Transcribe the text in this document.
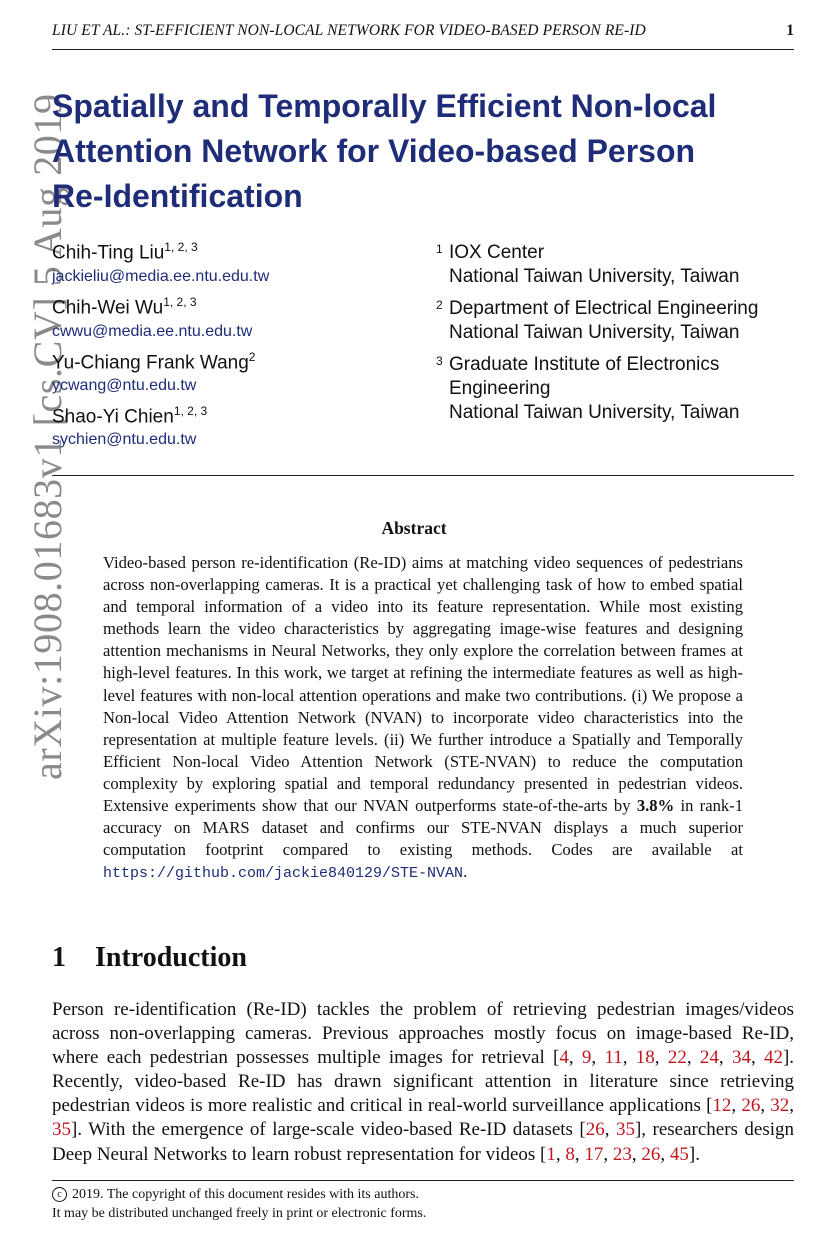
LIU ET AL.: ST-EFFICIENT NON-LOCAL NETWORK FOR VIDEO-BASED PERSON RE-ID	1
arXiv:1908.01683v1 [cs.CV] 5 Aug 2019
Spatially and Temporally Efficient Non-local
Attention Network for Video-based Person
Re-Identification
Chih-Ting Liu$^{1, 2, 3}$
jackieliu@media.ee.ntu.edu.tw
Chih-Wei Wu$^{1, 2, 3}$
cwwu@media.ee.ntu.edu.tw
Yu-Chiang Frank Wang$^2$
ycwang@ntu.edu.tw
Shao-Yi Chien$^{1, 2, 3}$
sychien@ntu.edu.tw
1 IOX Center
National Taiwan University, Taiwan
2 Department of Electrical Engineering
National Taiwan University, Taiwan
3 Graduate Institute of Electronics
Engineering
National Taiwan University, Taiwan
Abstract

Video-based person re-identification (Re-ID) aims at matching video sequences of pedestrians across non-overlapping cameras. It is a practical yet challenging task of how to embed spatial and temporal information of a video into its feature representation. While most existing methods learn the video characteristics by aggregating image-wise features and designing attention mechanisms in Neural Networks, they only explore the correlation between frames at high-level features. In this work, we target at refining the intermediate features as well as high-level features with non-local attention operations and make two contributions. (i) We propose a Non-local Video Attention Network (NVAN) to incorporate video characteristics into the representation at multiple feature levels. (ii) We further introduce a Spatially and Temporally Efficient Non-local Video Attention Network (STE-NVAN) to reduce the computation complexity by exploring spatial and temporal redundancy presented in pedestrian videos. Extensive experiments show that our NVAN outperforms state-of-the-arts by 3.8% in rank-1 accuracy on MARS dataset and confirms our STE-NVAN displays a much superior computation footprint compared to existing methods. Codes are available at https://github.com/jackie840129/STE-NVAN.

1 Introduction

Person re-identification (Re-ID) tackles the problem of retrieving pedestrian images/videos across non-overlapping cameras. Previous approaches mostly focus on image-based Re-ID, where each pedestrian possesses multiple images for retrieval [4, 9, 11, 18, 22, 24, 34, 42]. Recently, video-based Re-ID has drawn significant attention in literature since retrieving pedestrian videos is more realistic and critical in real-world surveillance applications [12, 26, 32, 35]. With the emergence of large-scale video-based Re-ID datasets [26, 35], researchers design Deep Neural Networks to learn robust representation for videos [1, 8, 17, 23, 26, 45].

c 2019. The copyright of this document resides with its authors.
It may be distributed unchanged freely in print or electronic forms.
